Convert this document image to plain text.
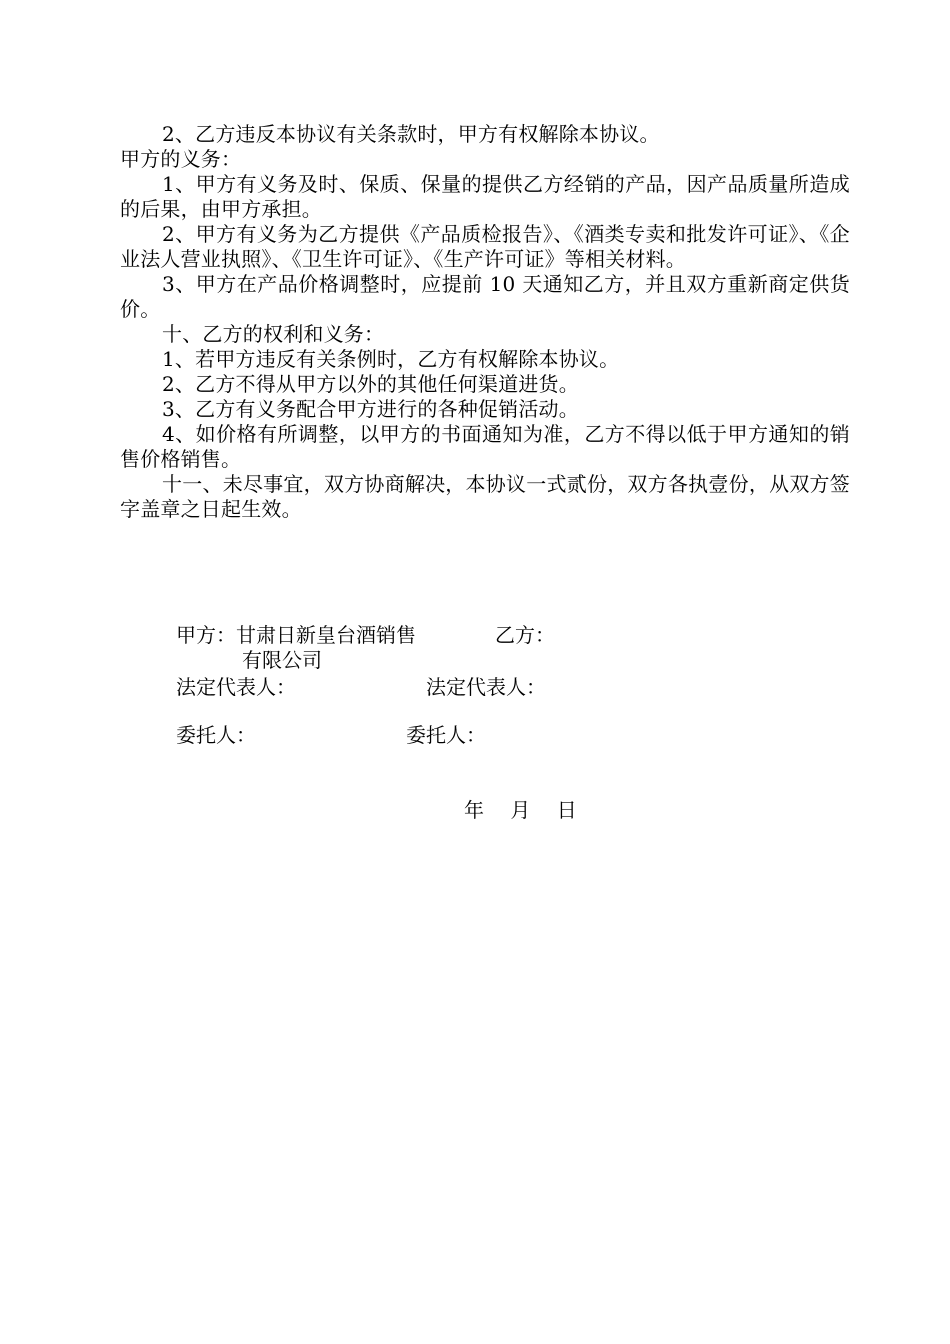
2、乙方违反本协议有关条款时，甲方有权解除本协议。

甲方的义务：

1、甲方有义务及时、保质、保量的提供乙方经销的产品，因产品质量所造成的后果，由甲方承担。

2、甲方有义务为乙方提供《产品质检报告》、《酒类专卖和批发许可证》、《企业法人营业执照》、《卫生许可证》、《生产许可证》等相关材料。

3、甲方在产品价格调整时，应提前 10 天通知乙方，并且双方重新商定供货价。

十、乙方的权利和义务：

1、若甲方违反有关条例时，乙方有权解除本协议。

2、乙方不得从甲方以外的其他任何渠道进货。

3、乙方有义务配合甲方进行的各种促销活动。

4、如价格有所调整，以甲方的书面通知为准，乙方不得以低于甲方通知的销售价格销售。

十一、未尽事宜，双方协商解决，本协议一式贰份，双方各执壹份，从双方签字盖章之日起生效。

甲方：甘肃日新皇台酒销售
有限公司
乙方：
法定代表人：	法定代表人：
委托人：	委托人：
年　 月 　日
